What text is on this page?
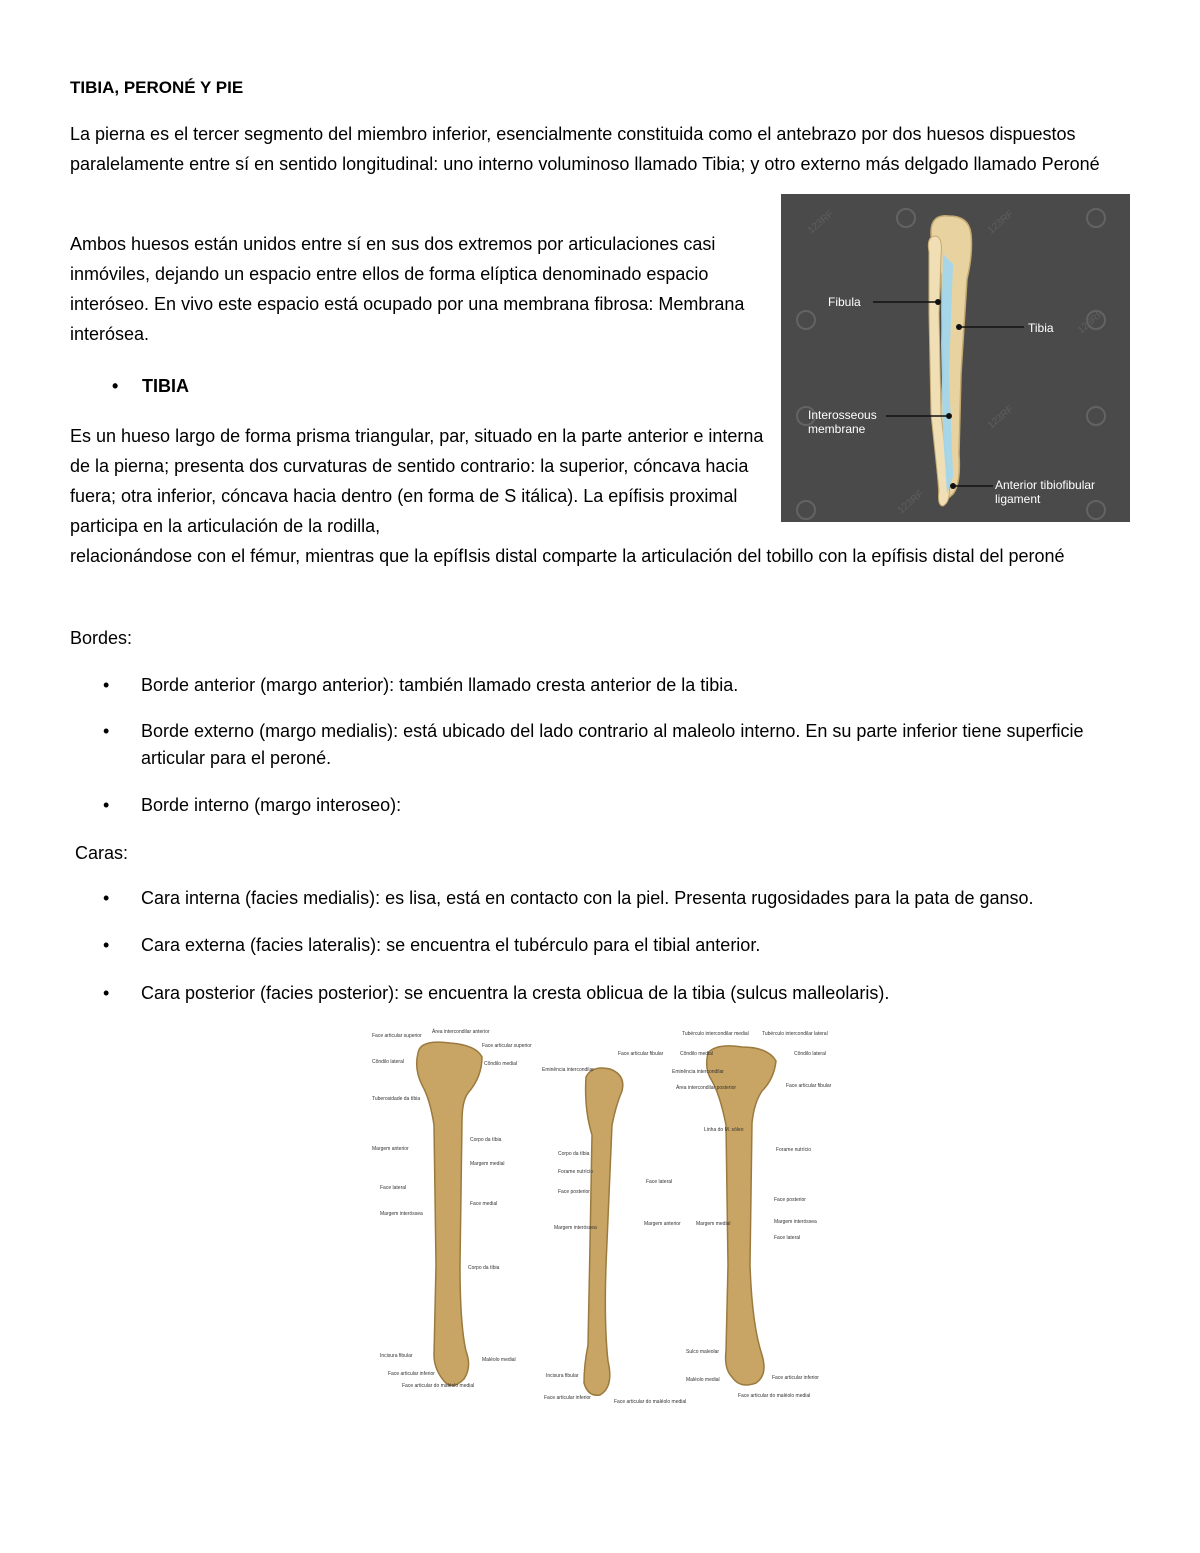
TIBIA, PERONÉ Y PIE

La pierna es el tercer segmento del miembro inferior, esencialmente constituida como el antebrazo por dos huesos dispuestos paralelamente entre sí en sentido longitudinal: uno interno voluminoso llamado Tibia; y otro externo más delgado llamado Peroné

Ambos huesos están unidos entre sí en sus dos extremos por articulaciones casi inmóviles, dejando un espacio entre ellos de forma elíptica denominado espacio interóseo. En vivo este espacio está ocupado por una membrana fibrosa: Membrana interósea.

123RF	123RF
123RF
123RF
123RF
Fibula
Tibia
Interosseous
membrane
Anterior tibiofibular
ligament
•	TIBIA

Es un hueso largo de forma prisma triangular, par, situado en la parte anterior e interna de la pierna; presenta dos curvaturas de sentido contrario: la superior, cóncava hacia fuera; otra inferior, cóncava hacia dentro (en forma de S itálica). La epífisis proximal participa en la articulación de la rodilla,

relacionándose con el fémur, mientras que la epífIsis distal comparte la articulación del tobillo con la epífisis distal del peroné

Bordes:

•	Borde anterior (margo anterior): también llamado cresta anterior de la tibia.
•	Borde externo (margo medialis): está ubicado del lado contrario al maleolo interno. En su parte inferior tiene superficie articular para el peroné.
•	Borde interno (margo interoseo):

Caras:

•	Cara interna (facies medialis): es lisa, está en contacto con la piel. Presenta rugosidades para la pata de ganso.
•	Cara externa (facies lateralis): se encuentra el tubérculo para el tibial anterior.
•	Cara posterior (facies posterior): se encuentra la cresta oblicua de la tibia (sulcus malleolaris).
Face articular superior
Côndilo lateral
Tuberosidade da tíbia
Margem anterior
Face lateral
Margem interóssea
Incisura fibular
Face articular inferior
Face articular do maléolo medial
Área intercondilar anterior
Face articular superior
Côndilo medial
Corpo da tíbia
Margem medial
Face medial
Corpo da tíbia
Maléolo medial
Eminência intercondilar
Corpo da tíbia
Forame nutrício
Face posterior
Margem interóssea
Incisura fibular
Face articular inferior
Face articular fibular
Face lateral
Margem anterior
Face articular do maléolo medial
Tubérculo intercondilar medial
Côndilo medial
Eminência intercondilar
Área intercondilar posterior
Linha do M. sóleo
Margem medial
Sulco maleolar
Maléolo medial
Tubérculo intercondilar lateral
Côndilo lateral
Face articular fibular
Forame nutrício
Face posterior
Margem interóssea
Face lateral
Face articular inferior
Face articular do maléolo medial
